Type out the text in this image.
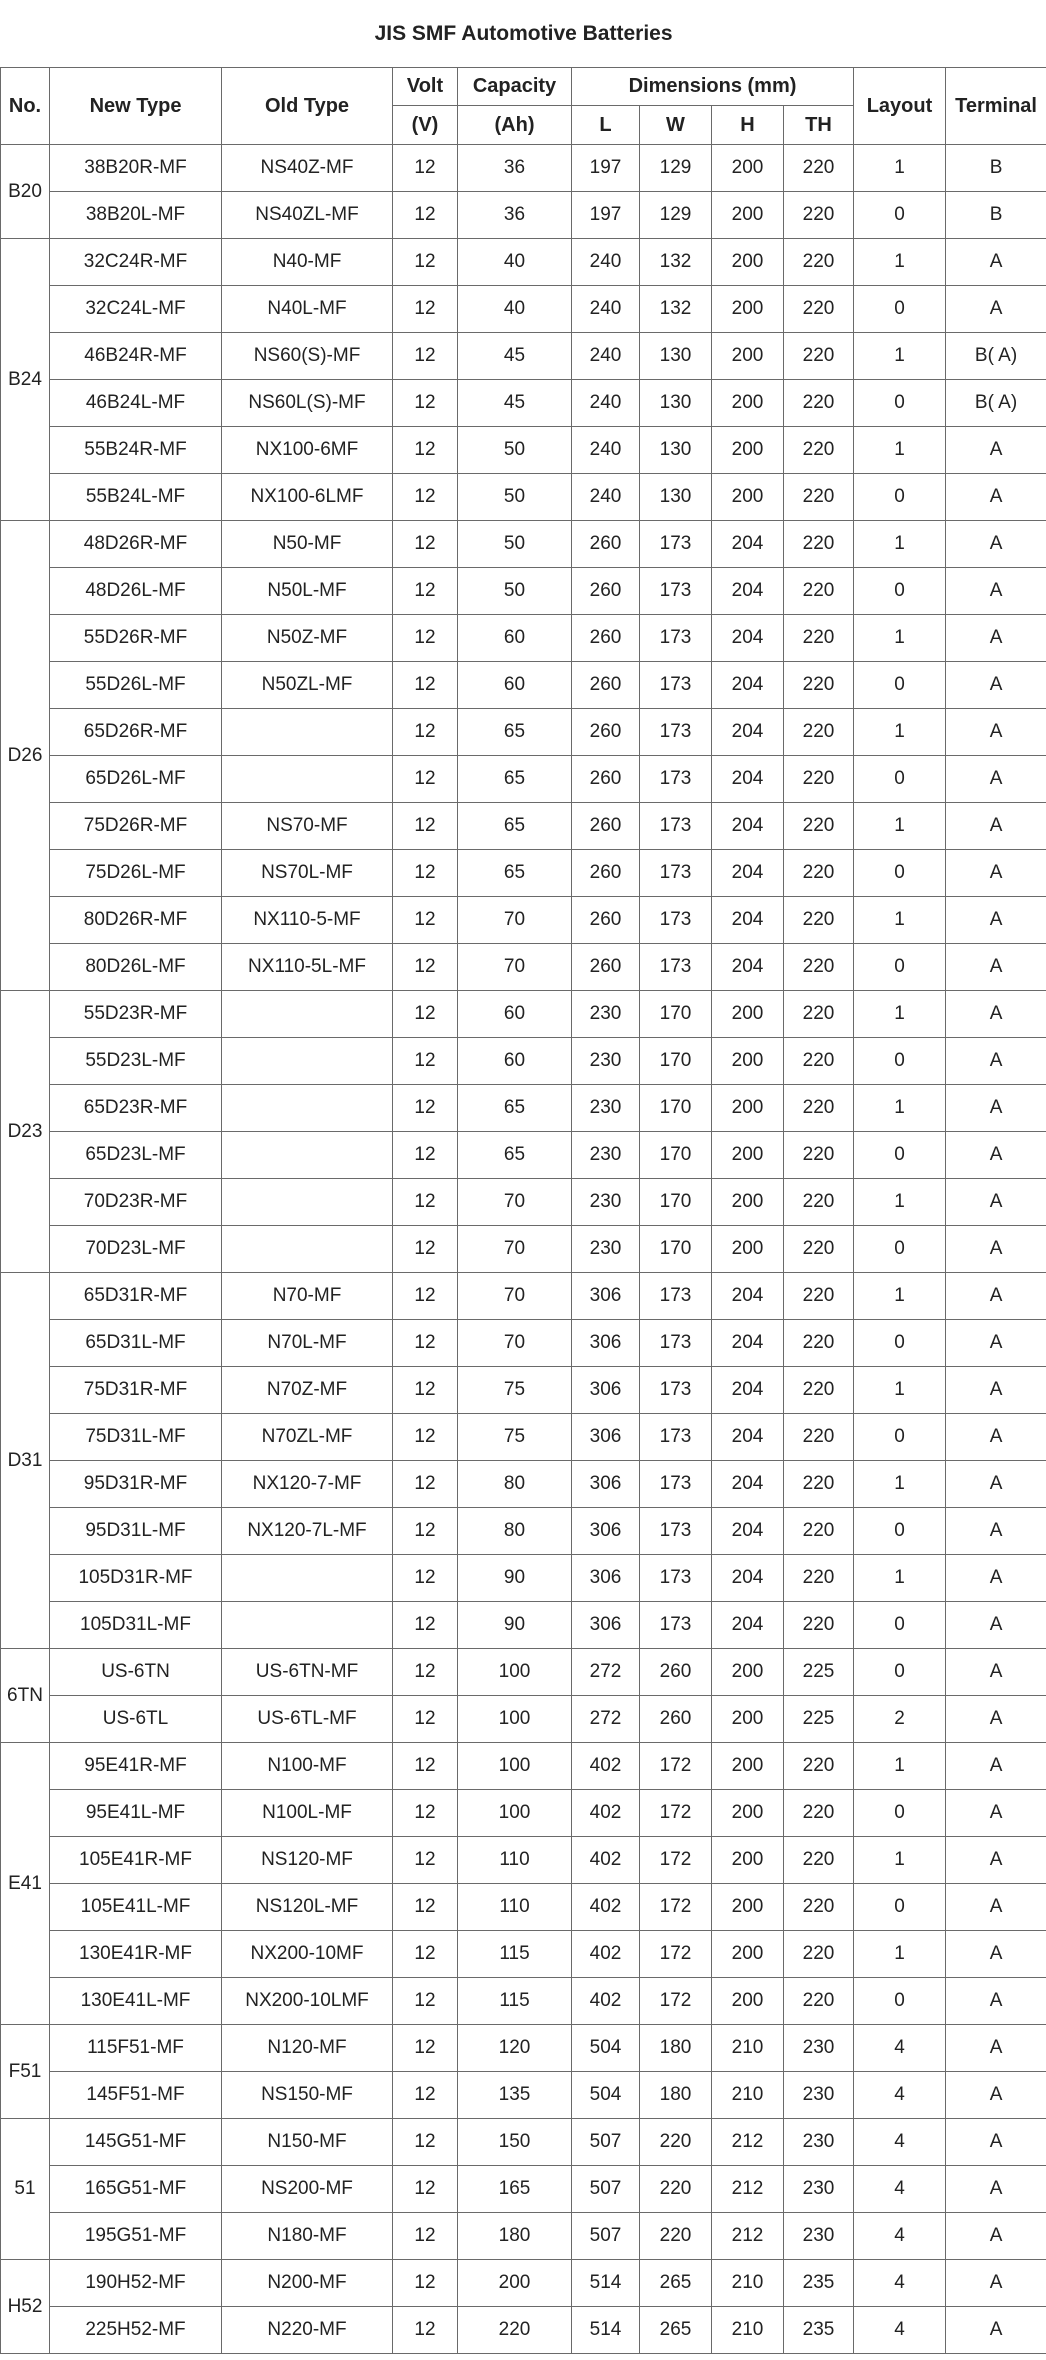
JIS SMF Automotive Batteries										
No.	New Type	Old Type	Volt	Capacity	Dimensions (mm)				Layout	Terminal
			(V)	(Ah)	L	W	H	TH		
B20	38B20R-MF	NS40Z-MF	12	36	197	129	200	220	1	B
	38B20L-MF	NS40ZL-MF	12	36	197	129	200	220	0	B
B24	32C24R-MF	N40-MF	12	40	240	132	200	220	1	A
	32C24L-MF	N40L-MF	12	40	240	132	200	220	0	A
	46B24R-MF	NS60(S)-MF	12	45	240	130	200	220	1	B( A)
	46B24L-MF	NS60L(S)-MF	12	45	240	130	200	220	0	B( A)
	55B24R-MF	NX100-6MF	12	50	240	130	200	220	1	A
	55B24L-MF	NX100-6LMF	12	50	240	130	200	220	0	A
D26	48D26R-MF	N50-MF	12	50	260	173	204	220	1	A
	48D26L-MF	N50L-MF	12	50	260	173	204	220	0	A
	55D26R-MF	N50Z-MF	12	60	260	173	204	220	1	A
	55D26L-MF	N50ZL-MF	12	60	260	173	204	220	0	A
	65D26R-MF		12	65	260	173	204	220	1	A
	65D26L-MF		12	65	260	173	204	220	0	A
	75D26R-MF	NS70-MF	12	65	260	173	204	220	1	A
	75D26L-MF	NS70L-MF	12	65	260	173	204	220	0	A
	80D26R-MF	NX110-5-MF	12	70	260	173	204	220	1	A
	80D26L-MF	NX110-5L-MF	12	70	260	173	204	220	0	A
D23	55D23R-MF		12	60	230	170	200	220	1	A
	55D23L-MF		12	60	230	170	200	220	0	A
	65D23R-MF		12	65	230	170	200	220	1	A
	65D23L-MF		12	65	230	170	200	220	0	A
	70D23R-MF		12	70	230	170	200	220	1	A
	70D23L-MF		12	70	230	170	200	220	0	A
D31	65D31R-MF	N70-MF	12	70	306	173	204	220	1	A
	65D31L-MF	N70L-MF	12	70	306	173	204	220	0	A
	75D31R-MF	N70Z-MF	12	75	306	173	204	220	1	A
	75D31L-MF	N70ZL-MF	12	75	306	173	204	220	0	A
	95D31R-MF	NX120-7-MF	12	80	306	173	204	220	1	A
	95D31L-MF	NX120-7L-MF	12	80	306	173	204	220	0	A
	105D31R-MF		12	90	306	173	204	220	1	A
	105D31L-MF		12	90	306	173	204	220	0	A
6TN	US-6TN	US-6TN-MF	12	100	272	260	200	225	0	A
	US-6TL	US-6TL-MF	12	100	272	260	200	225	2	A
E41	95E41R-MF	N100-MF	12	100	402	172	200	220	1	A
	95E41L-MF	N100L-MF	12	100	402	172	200	220	0	A
	105E41R-MF	NS120-MF	12	110	402	172	200	220	1	A
	105E41L-MF	NS120L-MF	12	110	402	172	200	220	0	A
	130E41R-MF	NX200-10MF	12	115	402	172	200	220	1	A
	130E41L-MF	NX200-10LMF	12	115	402	172	200	220	0	A
F51	115F51-MF	N120-MF	12	120	504	180	210	230	4	A
	145F51-MF	NS150-MF	12	135	504	180	210	230	4	A
51	145G51-MF	N150-MF	12	150	507	220	212	230	4	A
	165G51-MF	NS200-MF	12	165	507	220	212	230	4	A
	195G51-MF	N180-MF	12	180	507	220	212	230	4	A
H52	190H52-MF	N200-MF	12	200	514	265	210	235	4	A
	225H52-MF	N220-MF	12	220	514	265	210	235	4	A
